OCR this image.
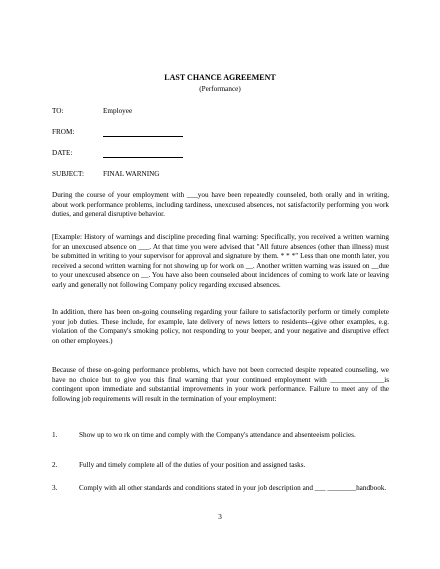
LAST CHANCE AGREEMENT
(Performance)
TO:	Employee
FROM:
DATE:
SUBJECT:	FINAL WARNING
During the course of your employment with ___you have been repeatedly counseled, both orally and in writing, about work performance problems, including tardiness, unexcused absences, not satisfactorily performing you work duties, and general disruptive behavior.
[Example: History of warnings and discipline preceding final warning: Specifically, you received a written warning for an unexcused absence on ___. At that time you were advised that "All future absences (other than illness) must be submitted in writing to your supervisor for approval and signature by them. * * *" Less than one month later, you received a second written warning for not showing up for work on __. Another written warning was issued on __due to your unexcused absence on __. You have also been counseled about incidences of coming to work late or leaving early and generally not following Company policy regarding excused absences.
In addition, there has been on-going counseling regarding your failure to satisfactorily perform or timely complete your job duties. These include, for example, late delivery of news letters to residents--(give other examples, e.g. violation of the Company's smoking policy, not responding to your beeper, and your negative and disruptive effect on other employees.)
Because of these on-going performance problems, which have not been corrected despite repeated counseling, we have no choice but to give you this final warning that your continued employment with _______________is contingent upon immediate and substantial improvements in your work performance. Failure to meet any of the following job requirements will result in the termination of your employment:
1.	Show up to wo rk on time and comply with the Company's attendance and absenteeism policies.
2.	Fully and timely complete all of the duties of your position and assigned tasks.
3.	Comply with all other standards and conditions stated in your job description and ___ ________handbook.
3
